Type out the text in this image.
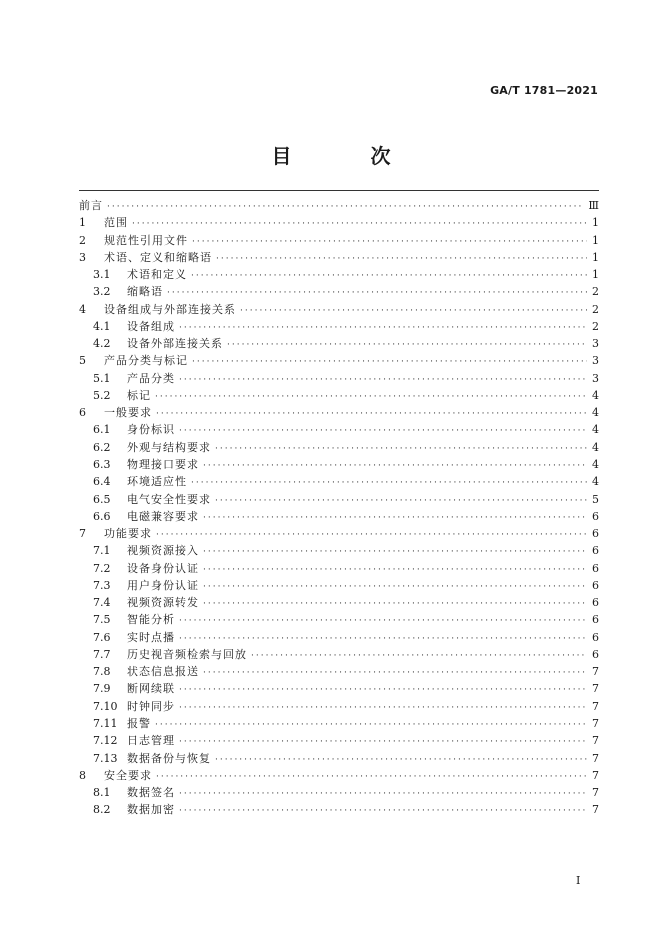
GA/T 1781—2021
目 次
前言 ·····	Ⅲ
1	范围 ·····	1
2	规范性引用文件 ·····	1
3	术语、定义和缩略语 ·····	1
3.1	术语和定义 ·····	1
3.2	缩略语 ·····	2
4	设备组成与外部连接关系 ·····	2
4.1	设备组成 ·····	2
4.2	设备外部连接关系 ·····	3
5	产品分类与标记 ·····	3
5.1	产品分类 ·····	3
5.2	标记 ·····	4
6	一般要求 ·····	4
6.1	身份标识 ·····	4
6.2	外观与结构要求 ·····	4
6.3	物理接口要求 ·····	4
6.4	环境适应性 ·····	4
6.5	电气安全性要求 ·····	5
6.6	电磁兼容要求 ·····	6
7	功能要求 ·····	6
7.1	视频资源接入 ·····	6
7.2	设备身份认证 ·····	6
7.3	用户身份认证 ·····	6
7.4	视频资源转发 ·····	6
7.5	智能分析 ·····	6
7.6	实时点播 ·····	6
7.7	历史视音频检索与回放 ·····	6
7.8	状态信息报送 ·····	7
7.9	断网续联 ·····	7
7.10 时钟同步 ·····	7
7.11 报警 ·····	7
7.12 日志管理 ·····	7
7.13 数据备份与恢复 ·····	7
8	安全要求 ·····	7
8.1	数据签名 ·····	7
8.2	数据加密 ·····	7
Ⅰ
